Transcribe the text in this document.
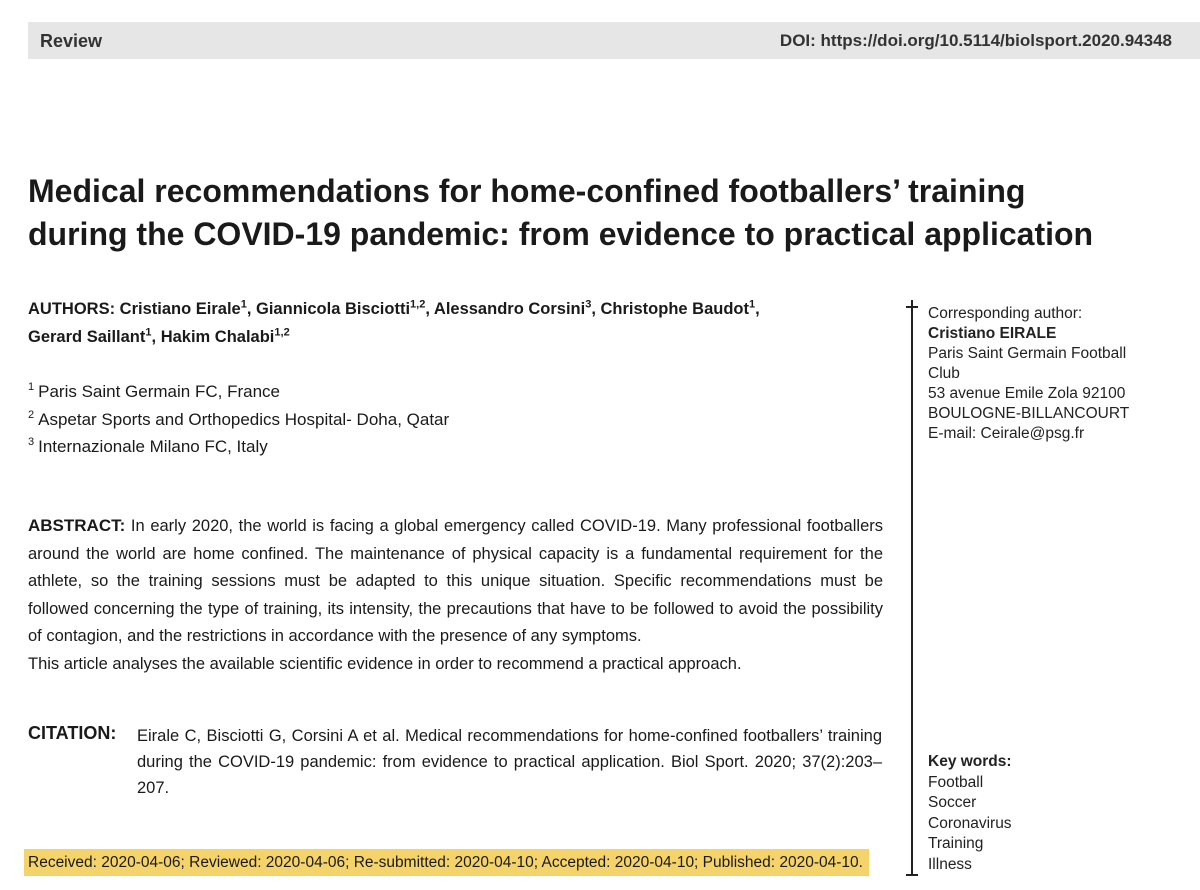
Review	DOI: https://doi.org/10.5114/biolsport.2020.94348
Medical recommendations for home-confined footballers’ training
during the COVID-19 pandemic: from evidence to practical application
AUTHORS: Cristiano Eirale$^1$, Giannicola Bisciotti$^{1,2}$, Alessandro Corsini$^3$, Christophe Baudot$^1$,
Gerard Saillant$^1$, Hakim Chalabi$^{1,2}$
$^1$ Paris Saint Germain FC, France
$^2$ Aspetar Sports and Orthopedics Hospital- Doha, Qatar
$^3$ Internazionale Milano FC, Italy
ABSTRACT: In early 2020, the world is facing a global emergency called COVID-19. Many professional footballers around the world are home confined. The maintenance of physical capacity is a fundamental requirement for the athlete, so the training sessions must be adapted to this unique situation. Specific recommendations must be followed concerning the type of training, its intensity, the precautions that have to be followed to avoid the possibility of contagion, and the restrictions in accordance with the presence of any symptoms.
This article analyses the available scientific evidence in order to recommend a practical approach.
CITATION: Eirale C, Bisciotti G, Corsini A et al. Medical recommendations for home-confined footballers’ training during the COVID-19 pandemic: from evidence to practical application. Biol Sport. 2020; 37(2):203–207.
Received: 2020-04-06; Reviewed: 2020-04-06; Re-submitted: 2020-04-10; Accepted: 2020-04-10; Published: 2020-04-10.
Corresponding author:
Cristiano EIRALE
Paris Saint Germain Football
Club
53 avenue Emile Zola 92100
BOULOGNE-BILLANCOURT
E-mail: Ceirale@psg.fr
Key words:
Football
Soccer
Coronavirus
Training
Illness
